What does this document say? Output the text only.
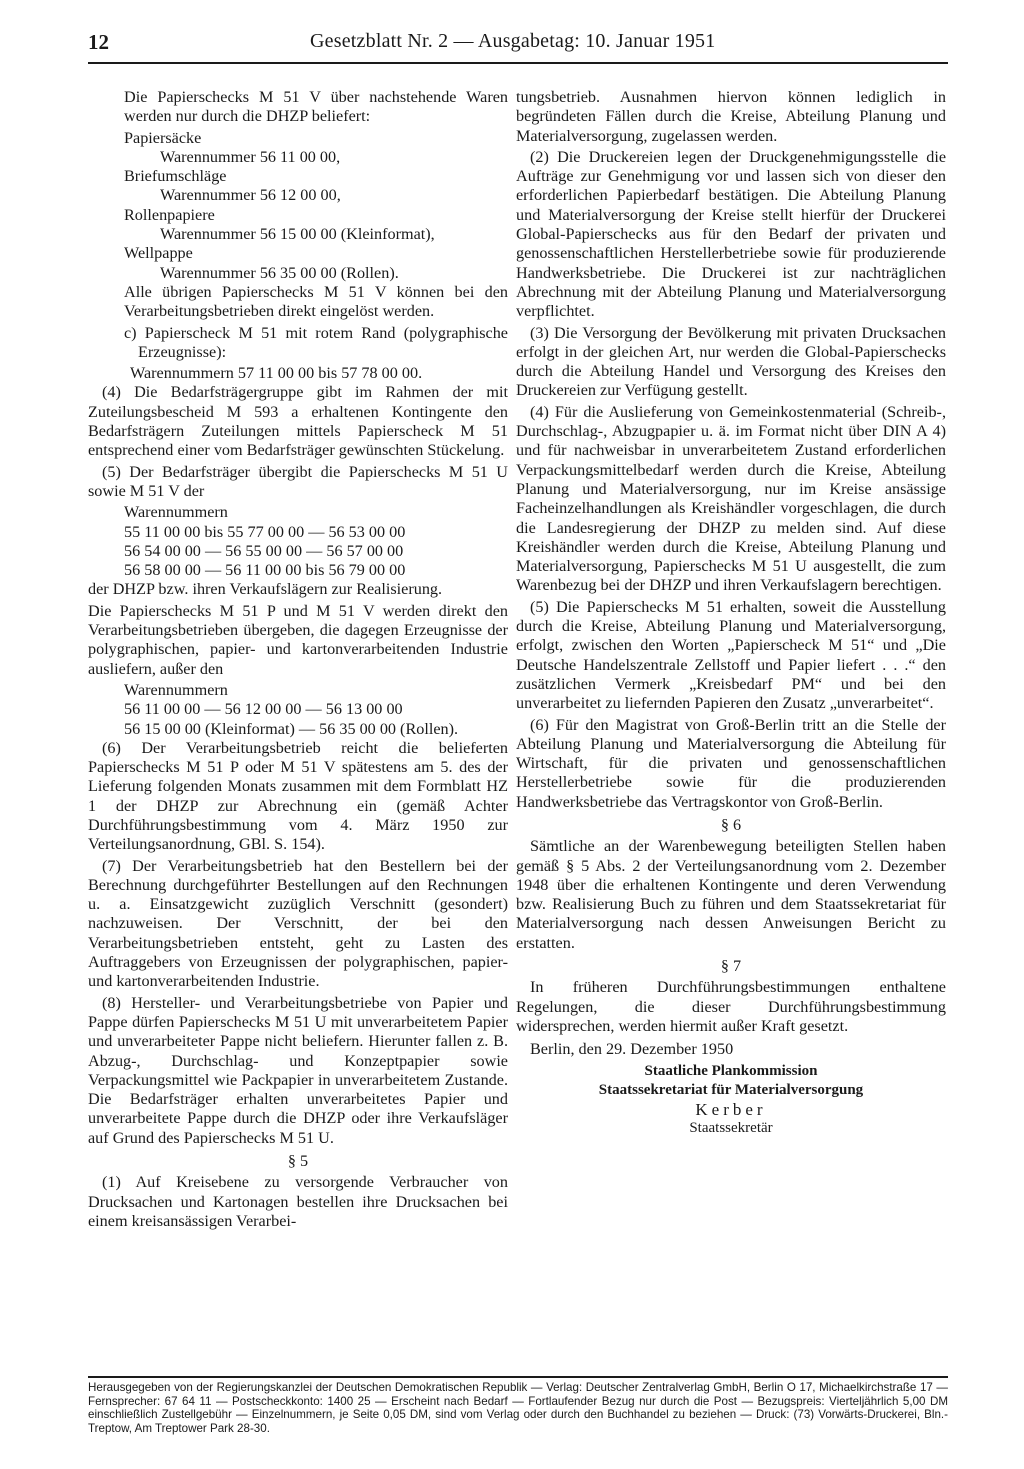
12	Gesetzblatt Nr. 2 — Ausgabetag: 10. Januar 1951

Die Papierschecks M 51 V über nachstehende Waren werden nur durch die DHZP beliefert:

Papiersäcke
Warennummer 56 11 00 00,
Briefumschläge
Warennummer 56 12 00 00,
Rollenpapiere
Warennummer 56 15 00 00 (Kleinformat),
Wellpappe
Warennummer 56 35 00 00 (Rollen).

Alle übrigen Papierschecks M 51 V können bei den Verarbeitungsbetrieben direkt eingelöst werden.

c) Papierscheck M 51 mit rotem Rand (polygraphische Erzeugnisse):

Warennummern 57 11 00 00 bis 57 78 00 00.

(4) Die Bedarfsträgergruppe gibt im Rahmen der mit Zuteilungsbescheid M 593 a erhaltenen Kontingente den Bedarfsträgern Zuteilungen mittels Papierscheck M 51 entsprechend einer vom Bedarfsträger gewünschten Stückelung.

(5) Der Bedarfsträger übergibt die Papierschecks M 51 U sowie M 51 V der

Warennummern
55 11 00 00 bis 55 77 00 00 — 56 53 00 00
56 54 00 00 — 56 55 00 00 — 56 57 00 00
56 58 00 00 — 56 11 00 00 bis 56 79 00 00

der DHZP bzw. ihren Verkaufslägern zur Realisierung.

Die Papierschecks M 51 P und M 51 V werden direkt den Verarbeitungsbetrieben übergeben, die dagegen Erzeugnisse der polygraphischen, papier- und kartonverarbeitenden Industrie ausliefern, außer den

Warennummern
56 11 00 00 — 56 12 00 00 — 56 13 00 00
56 15 00 00 (Kleinformat) — 56 35 00 00 (Rollen).

(6) Der Verarbeitungsbetrieb reicht die belieferten Papierschecks M 51 P oder M 51 V spätestens am 5. des der Lieferung folgenden Monats zusammen mit dem Formblatt HZ 1 der DHZP zur Abrechnung ein (gemäß Achter Durchführungsbestimmung vom 4. März 1950 zur Verteilungsanordnung, GBl. S. 154).

(7) Der Verarbeitungsbetrieb hat den Bestellern bei der Berechnung durchgeführter Bestellungen auf den Rechnungen u. a. Einsatzgewicht zuzüglich Verschnitt (gesondert) nachzuweisen. Der Verschnitt, der bei den Verarbeitungsbetrieben entsteht, geht zu Lasten des Auftraggebers von Erzeugnissen der polygraphischen, papier- und kartonverarbeitenden Industrie.

(8) Hersteller- und Verarbeitungsbetriebe von Papier und Pappe dürfen Papierschecks M 51 U mit unverarbeitetem Papier und unverarbeiteter Pappe nicht beliefern. Hierunter fallen z. B. Abzug-, Durchschlag- und Konzeptpapier sowie Verpackungsmittel wie Packpapier in unverarbeitetem Zustande. Die Bedarfsträger erhalten unverarbeitetes Papier und unverarbeitete Pappe durch die DHZP oder ihre Verkaufsläger auf Grund des Papierschecks M 51 U.

§ 5

(1) Auf Kreisebene zu versorgende Verbraucher von Drucksachen und Kartonagen bestellen ihre Drucksachen bei einem kreisansässigen Verarbei-

tungsbetrieb. Ausnahmen hiervon können lediglich in begründeten Fällen durch die Kreise, Abteilung Planung und Materialversorgung, zugelassen werden.

(2) Die Druckereien legen der Druckgenehmigungsstelle die Aufträge zur Genehmigung vor und lassen sich von dieser den erforderlichen Papierbedarf bestätigen. Die Abteilung Planung und Materialversorgung der Kreise stellt hierfür der Druckerei Global-Papierschecks aus für den Bedarf der privaten und genossenschaftlichen Herstellerbetriebe sowie für produzierende Handwerksbetriebe. Die Druckerei ist zur nachträglichen Abrechnung mit der Abteilung Planung und Materialversorgung verpflichtet.

(3) Die Versorgung der Bevölkerung mit privaten Drucksachen erfolgt in der gleichen Art, nur werden die Global-Papierschecks durch die Abteilung Handel und Versorgung des Kreises den Druckereien zur Verfügung gestellt.

(4) Für die Auslieferung von Gemeinkostenmaterial (Schreib-, Durchschlag-, Abzugpapier u. ä. im Format nicht über DIN A 4) und für nachweisbar in unverarbeitetem Zustand erforderlichen Verpackungsmittelbedarf werden durch die Kreise, Abteilung Planung und Materialversorgung, nur im Kreise ansässige Facheinzelhandlungen als Kreishändler vorgeschlagen, die durch die Landesregierung der DHZP zu melden sind. Auf diese Kreishändler werden durch die Kreise, Abteilung Planung und Materialversorgung, Papierschecks M 51 U ausgestellt, die zum Warenbezug bei der DHZP und ihren Verkaufslagern berechtigen.

(5) Die Papierschecks M 51 erhalten, soweit die Ausstellung durch die Kreise, Abteilung Planung und Materialversorgung, erfolgt, zwischen den Worten „Papierscheck M 51“ und „Die Deutsche Handelszentrale Zellstoff und Papier liefert . . .“ den zusätzlichen Vermerk „Kreisbedarf PM“ und bei den unverarbeitet zu liefernden Papieren den Zusatz „unverarbeitet“.

(6) Für den Magistrat von Groß-Berlin tritt an die Stelle der Abteilung Planung und Materialversorgung die Abteilung für Wirtschaft, für die privaten und genossenschaftlichen Herstellerbetriebe sowie für die produzierenden Handwerksbetriebe das Vertragskontor von Groß-Berlin.

§ 6

Sämtliche an der Warenbewegung beteiligten Stellen haben gemäß § 5 Abs. 2 der Verteilungsanordnung vom 2. Dezember 1948 über die erhaltenen Kontingente und deren Verwendung bzw. Realisierung Buch zu führen und dem Staatssekretariat für Materialversorgung nach dessen Anweisungen Bericht zu erstatten.

§ 7

In früheren Durchführungsbestimmungen enthaltene Regelungen, die dieser Durchführungsbestimmung widersprechen, werden hiermit außer Kraft gesetzt.

Berlin, den 29. Dezember 1950

Staatliche Plankommission
Staatssekretariat für Materialversorgung
Kerber
Staatssekretär
Herausgegeben von der Regierungskanzlei der Deutschen Demokratischen Republik — Verlag: Deutscher Zentralverlag GmbH, Berlin O 17, Michaelkirchstraße 17 — Fernsprecher: 67 64 11 — Postscheckkonto: 1400 25 — Erscheint nach Bedarf — Fortlaufender Bezug nur durch die Post — Bezugspreis: Vierteljährlich 5,00 DM einschließlich Zustellgebühr — Einzelnummern, je Seite 0,05 DM, sind vom Verlag oder durch den Buchhandel zu beziehen — Druck: (73) Vorwärts-Druckerei, Bln.-Treptow, Am Treptower Park 28-30.
